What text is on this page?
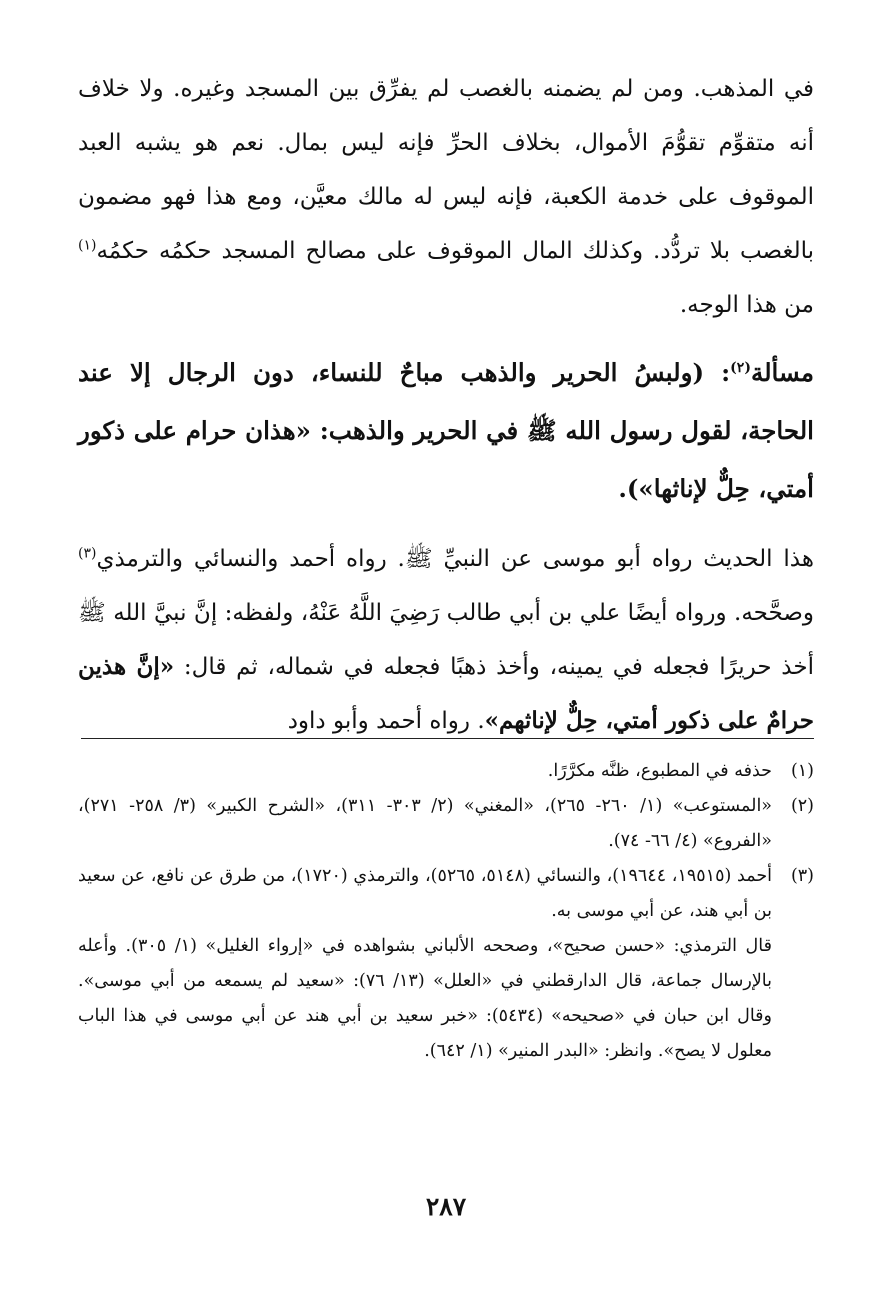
في المذهب. ومن لم يضمنه بالغصب لم يفرِّق بين المسجد وغيره. ولا خلاف أنه متقوِّم تقوُّمَ الأموال، بخلاف الحرِّ فإنه ليس بمال. نعم هو يشبه العبد الموقوف على خدمة الكعبة، فإنه ليس له مالك معيَّن، ومع هذا فهو مضمون بالغصب بلا تردُّد. وكذلك المال الموقوف على مصالح المسجد حكمُه حكمُه$^{(١)}$ من هذا الوجه.

مسألة$^{(٢)}$: (ولبسُ الحرير والذهب مباحٌ للنساء، دون الرجال إلا عند الحاجة، لقول رسول الله ﷺ في الحرير والذهب: «هذان حرام على ذكور أمتي، حِلٌّ لإناثها»).

هذا الحديث رواه أبو موسى عن النبيِّ ﷺ. رواه أحمد والنسائي والترمذي$^{(٣)}$ وصحَّحه. ورواه أيضًا علي بن أبي طالب رَضِيَ اللَّهُ عَنْهُ، ولفظه: إنَّ نبيَّ الله ﷺ أخذ حريرًا فجعله في يمينه، وأخذ ذهبًا فجعله في شماله، ثم قال: «إنَّ هذين حرامٌ على ذكور أمتي، حِلٌّ لإناثهم». رواه أحمد وأبو داود

(١)

حذفه في المطبوع، ظنَّه مكرَّرًا.

(٢)

«المستوعب» (١/ ٢٦٠- ٢٦٥)، «المغني» (٢/ ٣٠٣- ٣١١)، «الشرح الكبير» (٣/ ٢٥٨- ٢٧١)، «الفروع» (٤/ ٦٦- ٧٤).

(٣)

أحمد (١٩٥١٥، ١٩٦٤٤)، والنسائي (٥١٤٨، ٥٢٦٥)، والترمذي (١٧٢٠)، من طرق عن نافع، عن سعيد بن أبي هند، عن أبي موسى به.

قال الترمذي: «حسن صحيح»، وصححه الألباني بشواهده في «إرواء الغليل» (١/ ٣٠٥). وأعله بالإرسال جماعة، قال الدارقطني في «العلل» (١٣/ ٧٦): «سعيد لم يسمعه من أبي موسى». وقال ابن حبان في «صحيحه» (٥٤٣٤): «خبر سعيد بن أبي هند عن أبي موسى في هذا الباب معلول لا يصح». وانظر: «البدر المنير» (١/ ٦٤٢).

٢٨٧
